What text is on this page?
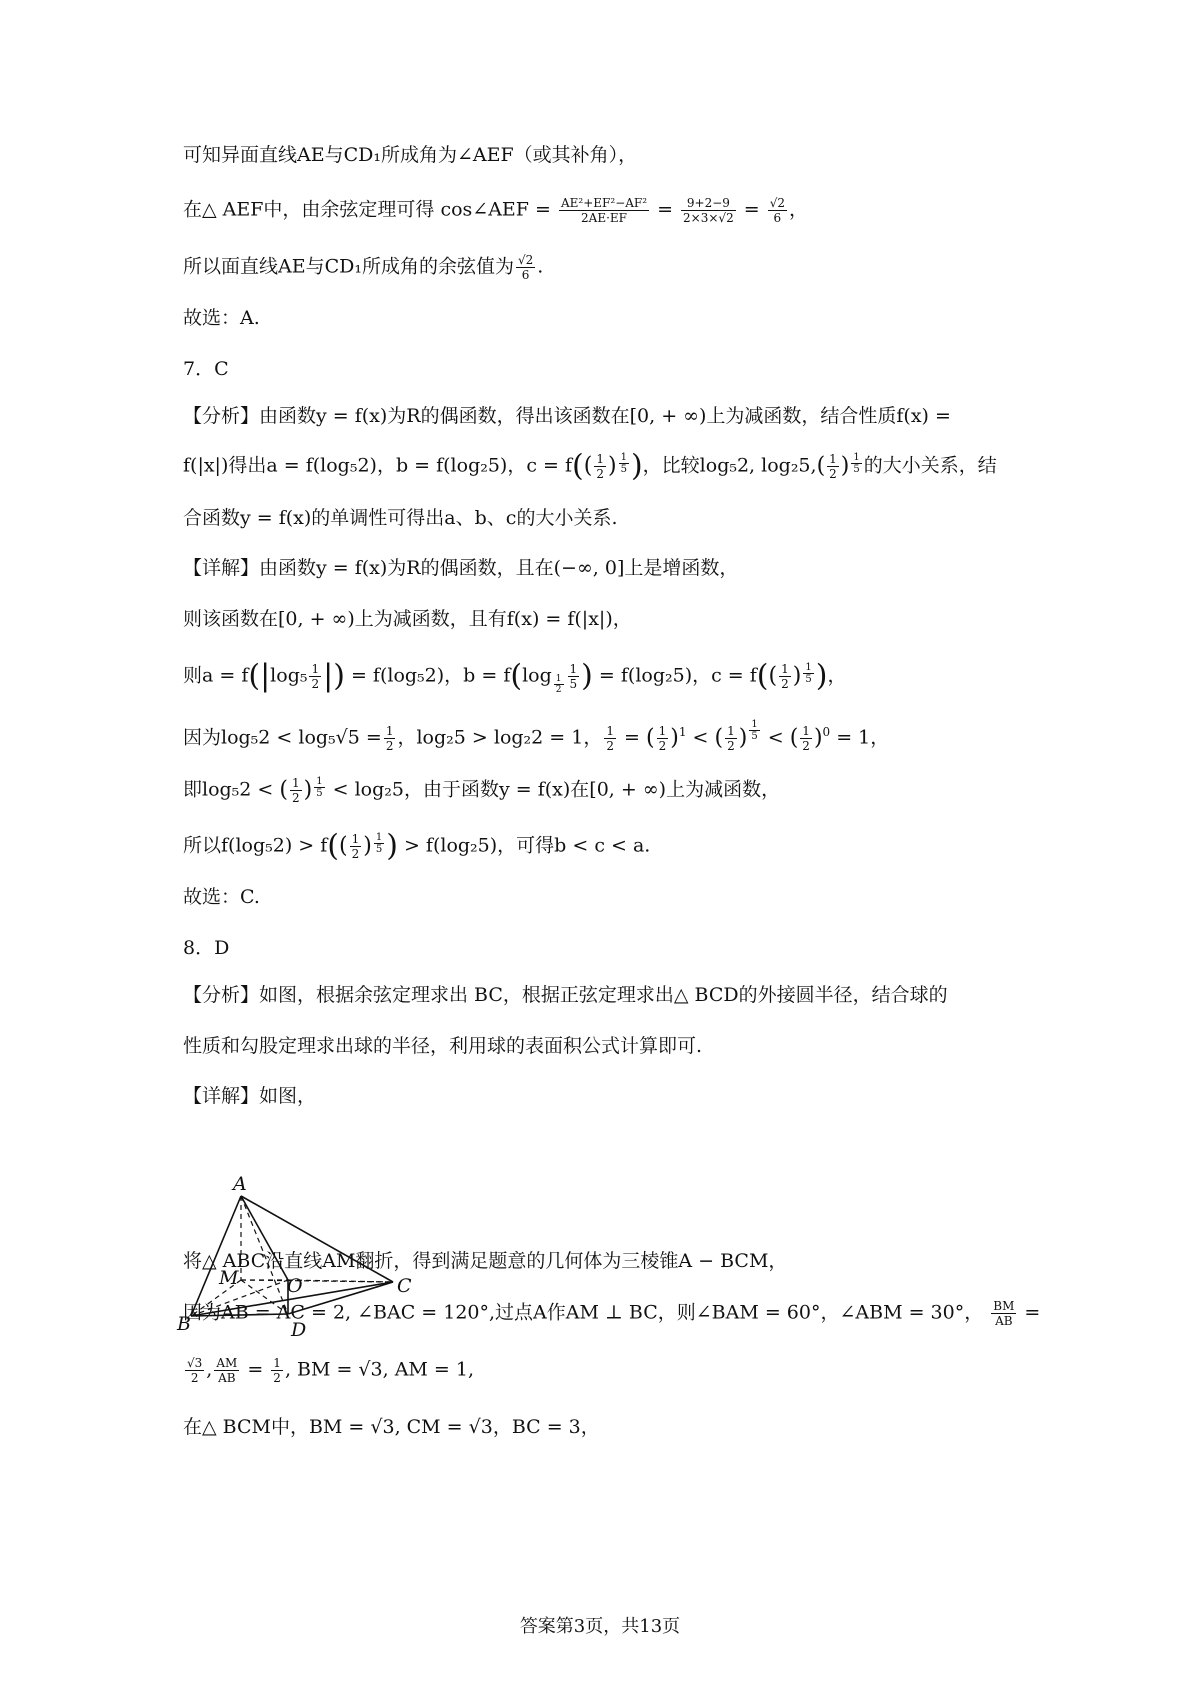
可知异面直线AE与CD₁所成角为∠AEF（或其补角），
在△ AEF中，由余弦定理可得 cos∠AEF = $\frac{\text{AE²+EF²−AF²}}{2AE\cdot EF} = \frac{9+2-9}{2\times 3\times√2} = \frac{√2}{6}$ ，
所以面直线AE与CD₁所成角的余弦值为 $\frac{√2}{6}$ .
故选：A.
7．C
【分析】由函数y = f(x)为R的偶函数，得出该函数在[0, + ∞)上为减函数，结合性质f(x) =
f(|x|)得出a = f(log₅2)，b = f(log₂5)，$c = f(( \frac{1}{2}$ ) $\frac{1}{5}$ )，比较log₅2, $\log_25,( \frac{1}{2}$ ) $\frac{1}{5}$ 的大小关系，结
合函数y = f(x)的单调性可得出a、b、c的大小关系.
【详解】由函数y = f(x)为R的偶函数，且在(−∞, 0]上是增函数，
则该函数在[0, + ∞)上为减函数，且有f(x) = f(|x|)，
则$a = f(|\log_5 \frac{1}{2}$ |) = f(log₅2)，$b = f(\log \frac{1}{2} \frac{1}{5}$ ) = f(log₂5)，$c = f(( \frac{1}{2}$ ) $\frac{1}{5}$ )，
因为$\log_52 < \log_5√5 = \frac{1}{2}$ ，log₂5 > log₂2 = 1， $\frac{1}{2}$ = ( $\frac{1}{2} )^1$ < ( $\frac{1}{2}$ ) $\frac{1}{5}$ < ( $\frac{1}{2} )^0 = 1$，
即log₅2 < ( $\frac{1}{2}$ ) $\frac{1}{5} < \log_25$，由于函数y = f(x)在[0, + ∞)上为减函数，
所以$f(\log_52) > f(( \frac{1}{2}$ ) $\frac{1}{5}$ ) > f(log₂5)，可得b < c < a.
故选：C.
8．D
【分析】如图，根据余弦定理求出 BC，根据正弦定理求出△ BCD的外接圆半径，结合球的
性质和勾股定理求出球的半径，利用球的表面积公式计算即可.
【详解】如图，
A
M	O	C
B	D
将△ ABC沿直线AM翻折，得到满足题意的几何体为三棱锥A − BCM，
因为AB = AC = 2, ∠BAC = 120°,过点A作AM ⊥ BC，则∠BAM = 60°，∠ABM = 30°， $\frac{BM}{AB}$ =
$\frac{√3}{2}$ , $\frac{AM}{AB} = \frac{1}{2}$ , BM = √3, AM = 1,
在△ BCM中，BM = √3, CM = √3，BC = 3，
答案第3页，共13页
